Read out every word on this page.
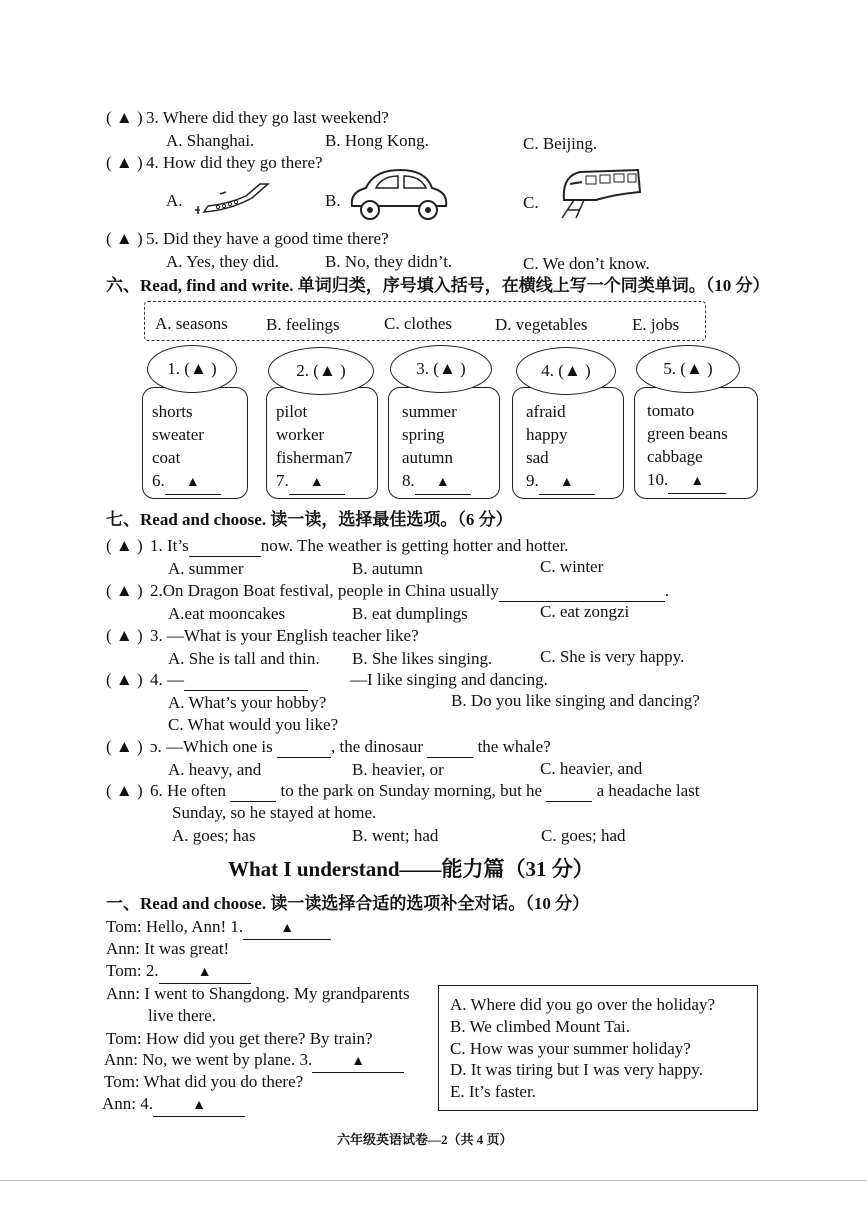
( ▲ ) 3. Where did they go last weekend?
A. Shanghai.	B. Hong Kong.	C. Beijing.
( ▲ ) 4. How did they go there?
A.	B.	C.
( ▲ ) 5. Did they have a good time there?
A. Yes, they did.	B. No, they didn’t.	C. We don’t know.
六、Read, find and write. 单词归类，序号填入括号，在横线上写一个同类单词。（10 分）
A. seasons B. feelings	C. clothes	D. vegetables	E. jobs
1. (▲ )
shorts
sweater
coat
6. ▲
2. (▲ )
pilot
worker
fisherman7
7. ▲
3. (▲ )
summer
spring
autumn
8. ▲
4. (▲ )
afraid
happy
sad
9. ▲
5. (▲ )
tomato
green beans
cabbage
10. ▲
七、Read and choose. 读一读，选择最佳选项。（6 分）
( ▲ ) 1. It’s	now. The weather is getting hotter and hotter.
A. summer	B. autumn	C. winter
( ▲ ) 2.On Dragon Boat festival, people in China usually	.
A.eat mooncakes	B. eat dumplings	C. eat zongzi
( ▲ ) 3. —What is your English teacher like?
A. She is tall and thin. B. She likes singing.	C. She is very happy.
( ▲ ) 4. —	—I like singing and dancing.
A. What’s your hobby?	B. Do you like singing and dancing?
C. What would you like?
( ▲ ) ɔ. —Which one is	, the dinosaur	the whale?
A. heavy, and	B. heavier, or	C. heavier, and
( ▲ ) 6. He often	to the park on Sunday morning, but he	a headache last
Sunday, so he stayed at home.
A. goes; has	B. went; had	C. goes; had
What I understand——能力篇（31 分）
一、Read and choose. 读一读选择合适的选项补全对话。（10 分）
Tom: Hello, Ann! 1.	▲
Ann: It was great!
Tom: 2.	▲
Ann: I went to Shangdong. My grandparents
live there.
Tom: How did you get there? By train?
Ann: No, we went by plane. 3.	▲
Tom: What did you do there?
Ann: 4.	▲
A. Where did you go over the holiday?
B. We climbed Mount Tai.
C. How was your summer holiday?
D. It was tiring but I was very happy.
E. It’s faster.
六年级英语试卷—2（共 4 页）
